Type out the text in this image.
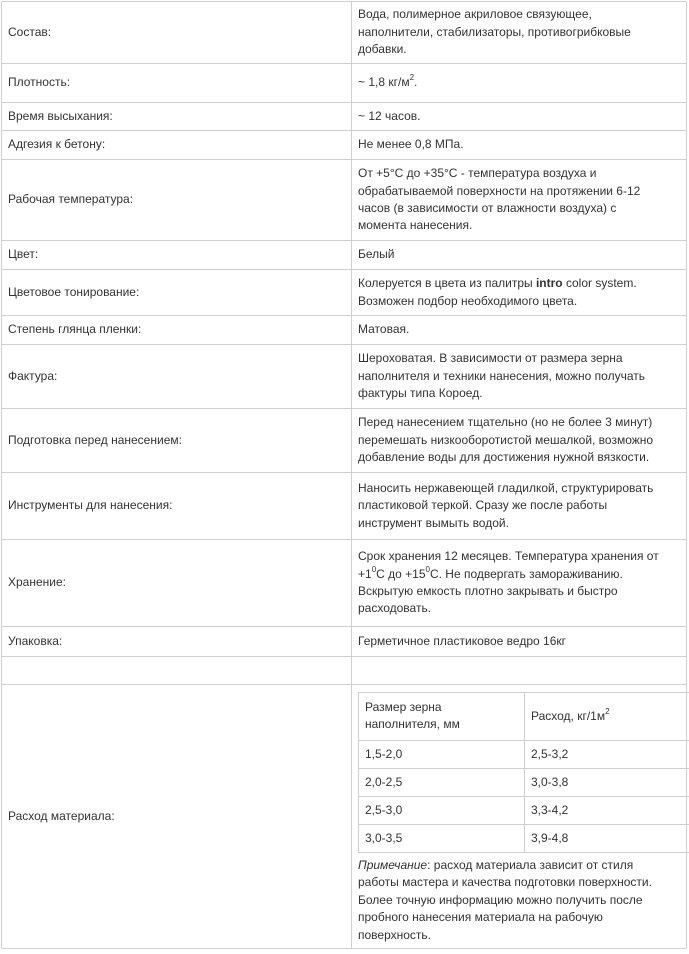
Состав:	
Вода, полимерное акриловое связующее,
наполнители, стабилизаторы, противогрибковые
добавки.

Плотность:	~ 1,8 $кг/м^2$.
Время высыхания:	~ 12 часов.
Адгезия к бетону:	Не менее 0,8 МПа.
Рабочая температура:	
От +5°С до +35°С - температура воздуха и
обрабатываемой поверхности на протяжении 6-12
часов (в зависимости от влажности воздуха) с
момента нанесения.

Цвет:	Белый
Цветовое тонирование:	
Колеруется в цвета из палитры intro color system.
Возможен подбор необходимого цвета.

Степень глянца пленки:	Матовая.
Фактура:	
Шероховатая. В зависимости от размера зерна
наполнителя и техники нанесения, можно получать
фактуры типа Короед.

Подготовка перед нанесением:	
Перед нанесением тщательно (но не более 3 минут)
перемешать низкооборотистой мешалкой, возможно
добавление воды для достижения нужной вязкости.

Инструменты для нанесения:	
Наносить нержавеющей гладилкой, структурировать
пластиковой теркой. Сразу же после работы
инструмент вымыть водой.

Хранение:	
Срок хранения 12 месяцев. Температура хранения от
$+1^0С$ до $+15^0С$. Не подвергать замораживанию.
Вскрытую емкость плотно закрывать и быстро
расходовать.

Упаковка:	Герметичное пластиковое ведро 16кг

Расход материала:	
Размер зерна
наполнителя, мм
	Расход, $кг/1м^2$
1,5-2,0	2,5-3,2
2,0-2,5	3,0-3,8
2,5-3,0	3,3-4,2
3,0-3,5	3,9-4,8
Примечание: расход материала зависит от стиля
работы мастера и качества подготовки поверхности.
Более точную информацию можно получить после
пробного нанесения материала на рабочую
поверхность.
